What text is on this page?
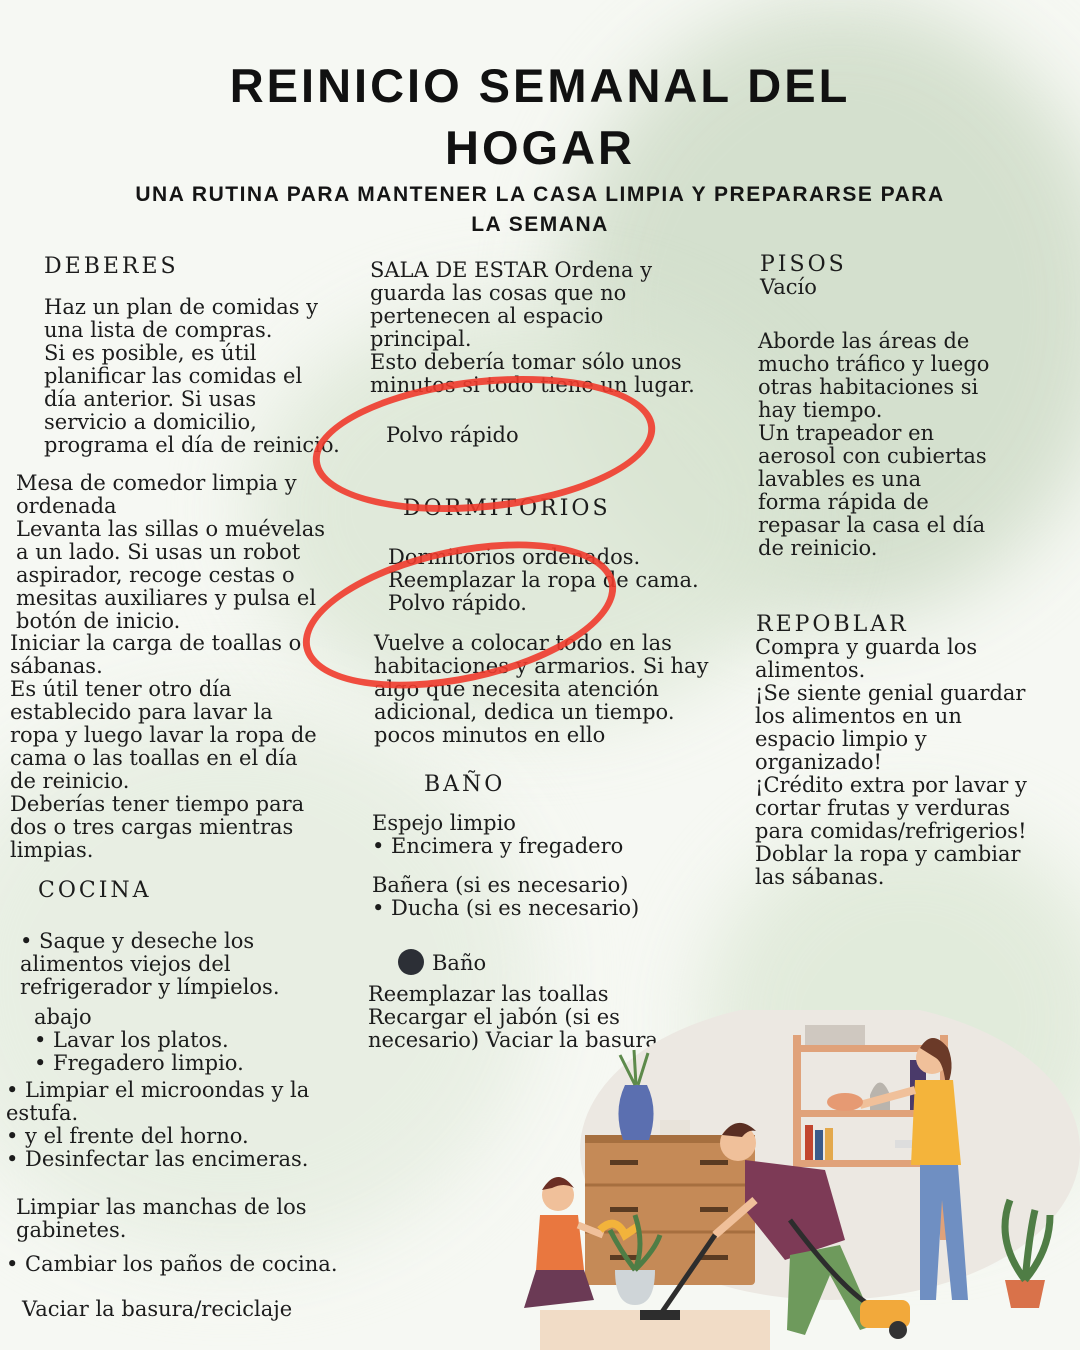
REINICIO SEMANAL DEL HOGAR
UNA RUTINA PARA MANTENER LA CASA LIMPIA Y PREPARARSE PARA LA SEMANA
DEBERES

Haz un plan de comidas y
una lista de compras.
Si es posible, es útil
planificar las comidas el
día anterior. Si usas
servicio a domicilio,
programa el día de reinicio.

Mesa de comedor limpia y
ordenada
Levanta las sillas o muévelas
a un lado. Si usas un robot
aspirador, recoge cestas o
mesitas auxiliares y pulsa el
botón de inicio.

Iniciar la carga de toallas o
sábanas.
Es útil tener otro día
establecido para lavar la
ropa y luego lavar la ropa de
cama o las toallas en el día
de reinicio.
Deberías tener tiempo para
dos o tres cargas mientras
limpias.

COCINA

• Saque y deseche los
alimentos viejos del
refrigerador y límpielos.

abajo
• Lavar los platos.
• Fregadero limpio.

• Limpiar el microondas y la
estufa.
• y el frente del horno.
• Desinfectar las encimeras.

Limpiar las manchas de los
gabinetes.

• Cambiar los paños de cocina.

Vaciar la basura/reciclaje

SALA DE ESTAR Ordena y
guarda las cosas que no
pertenecen al espacio
principal.
Esto debería tomar sólo unos
minutos si todo tiene un lugar.

Polvo rápido

DORMITORIOS

Dormitorios ordenados.
Reemplazar la ropa de cama.
Polvo rápido.

Vuelve a colocar todo en las
habitaciones y armarios. Si hay
algo que necesita atención
adicional, dedica un tiempo.
pocos minutos en ello

BAÑO

Espejo limpio
• Encimera y fregadero

Bañera (si es necesario)
• Ducha (si es necesario)

Baño

Reemplazar las toallas
Recargar el jabón (si es
necesario) Vaciar la basura

PISOS

Vacío

Aborde las áreas de
mucho tráfico y luego
otras habitaciones si
hay tiempo.
Un trapeador en
aerosol con cubiertas
lavables es una
forma rápida de
repasar la casa el día
de reinicio.

REPOBLAR

Compra y guarda los
alimentos.
¡Se siente genial guardar
los alimentos en un
espacio limpio y
organizado!
¡Crédito extra por lavar y
cortar frutas y verduras
para comidas/refrigerios!
Doblar la ropa y cambiar
las sábanas.
